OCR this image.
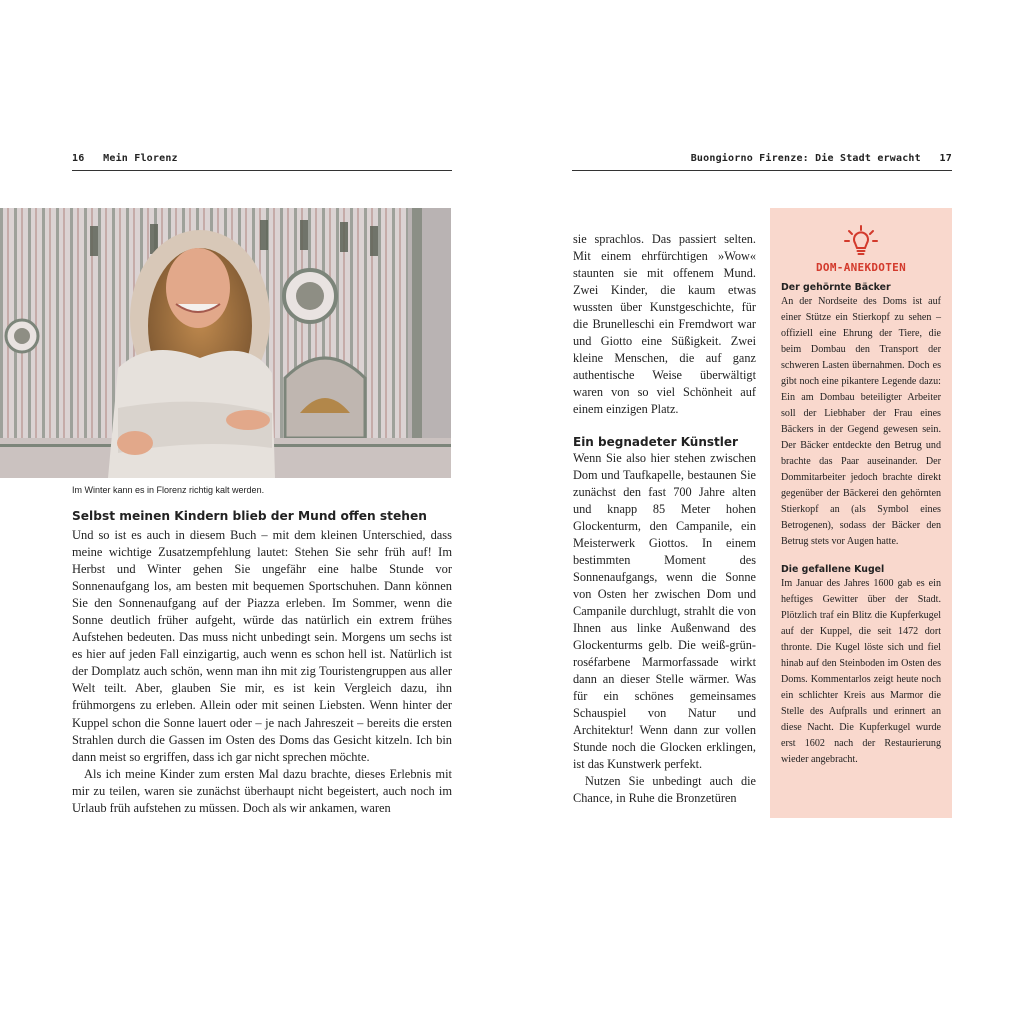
16 Mein Florenz	Buongiorno Firenze: Die Stadt erwacht 17
Im Winter kann es in Florenz richtig kalt werden.
Selbst meinen Kindern blieb der Mund offen stehen

Und so ist es auch in diesem Buch – mit dem kleinen Unterschied, dass meine wichtige Zusatzempfehlung lautet: Stehen Sie sehr früh auf! Im Herbst und Winter gehen Sie ungefähr eine halbe Stunde vor Sonnenaufgang los, am besten mit bequemen Sportschuhen. Dann können Sie den Sonnenaufgang auf der Piazza erleben. Im Sommer, wenn die Sonne deutlich früher aufgeht, würde das natürlich ein extrem frühes Aufstehen bedeuten. Das muss nicht unbedingt sein. Morgens um sechs ist es hier auf jeden Fall einzigartig, auch wenn es schon hell ist. Natürlich ist der Domplatz auch schön, wenn man ihn mit zig Touristengruppen aus aller Welt teilt. Aber, glauben Sie mir, es ist kein Vergleich dazu, ihn frühmorgens zu erleben. Allein oder mit seinen Liebsten. Wenn hinter der Kuppel schon die Sonne lauert oder – je nach Jahreszeit – bereits die ersten Strahlen durch die Gassen im Osten des Doms das Gesicht kitzeln. Ich bin dann meist so ergriffen, dass ich gar nicht sprechen möchte.

Als ich meine Kinder zum ersten Mal dazu brachte, dieses Erlebnis mit mir zu teilen, waren sie zunächst überhaupt nicht begeistert, auch noch im Urlaub früh aufstehen zu müssen. Doch als wir ankamen, waren

sie sprachlos. Das passiert selten. Mit einem ehrfürchtigen »Wow« staunten sie mit offenem Mund. Zwei Kinder, die kaum etwas wussten über Kunstgeschichte, für die Brunelleschi ein Fremdwort war und Giotto eine Süßigkeit. Zwei kleine Menschen, die auf ganz authentische Weise überwältigt waren von so viel Schönheit auf einem einzigen Platz.

Ein begnadeter Künstler

Wenn Sie also hier stehen zwischen Dom und Taufkapelle, bestaunen Sie zunächst den fast 700 Jahre alten und knapp 85 Meter hohen Glockenturm, den Campanile, ein Meisterwerk Giottos. In einem bestimmten Moment des Sonnenaufgangs, wenn die Sonne von Osten her zwischen Dom und Campanile durchlugt, strahlt die von Ihnen aus linke Außenwand des Glockenturms gelb. Die weiß-grün-roséfarbene Marmorfassade wirkt dann an dieser Stelle wärmer. Was für ein schönes gemeinsames Schauspiel von Natur und Architektur! Wenn dann zur vollen Stunde noch die Glocken erklingen, ist das Kunstwerk perfekt.

Nutzen Sie unbedingt auch die Chance, in Ruhe die Bronzetüren

DOM-ANEKDOTEN
Der gehörnte Bäcker

An der Nordseite des Doms ist auf einer Stütze ein Stierkopf zu sehen – offiziell eine Ehrung der Tiere, die beim Dombau den Transport der schweren Lasten übernahmen. Doch es gibt noch eine pikantere Legende dazu: Ein am Dombau beteiligter Arbeiter soll der Liebhaber der Frau eines Bäckers in der Gegend gewesen sein. Der Bäcker entdeckte den Betrug und brachte das Paar auseinander. Der Dommitarbeiter jedoch brachte direkt gegenüber der Bäckerei den gehörnten Stierkopf an (als Symbol eines Betrogenen), sodass der Bäcker den Betrug stets vor Augen hatte.

Die gefallene Kugel

Im Januar des Jahres 1600 gab es ein heftiges Gewitter über der Stadt. Plötzlich traf ein Blitz die Kupferkugel auf der Kuppel, die seit 1472 dort thronte. Die Kugel löste sich und fiel hinab auf den Steinboden im Osten des Doms. Kommentarlos zeigt heute noch ein schlichter Kreis aus Marmor die Stelle des Aufpralls und erinnert an diese Nacht. Die Kupferkugel wurde erst 1602 nach der Restaurierung wieder angebracht.
